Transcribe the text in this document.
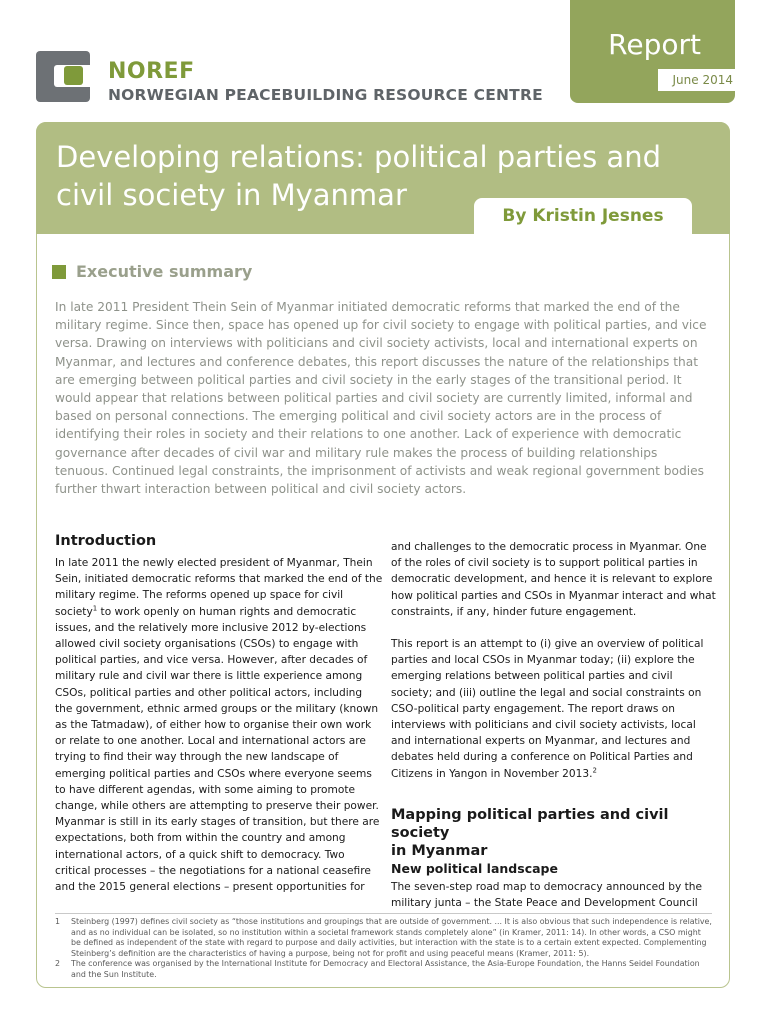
Report
June 2014
NOREF
NORWEGIAN PEACEBUILDING RESOURCE CENTRE
Developing relations: political parties and
civil society in Myanmar
By Kristin Jesnes
Executive summary

In late 2011 President Thein Sein of Myanmar initiated democratic reforms that marked the end of the

military regime. Since then, space has opened up for civil society to engage with political parties, and vice

versa. Drawing on interviews with politicians and civil society activists, local and international experts on

Myanmar, and lectures and conference debates, this report discusses the nature of the relationships that

are emerging between political parties and civil society in the early stages of the transitional period. It

would appear that relations between political parties and civil society are currently limited, informal and

based on personal connections. The emerging political and civil society actors are in the process of

identifying their roles in society and their relations to one another. Lack of experience with democratic

governance after decades of civil war and military rule makes the process of building relationships

tenuous. Continued legal constraints, the imprisonment of activists and weak regional government bodies

further thwart interaction between political and civil society actors.

Introduction

In late 2011 the newly elected president of Myanmar, Thein

Sein, initiated democratic reforms that marked the end of the

military regime. The reforms opened up space for civil

society$^1$ to work openly on human rights and democratic

issues, and the relatively more inclusive 2012 by-elections

allowed civil society organisations (CSOs) to engage with

political parties, and vice versa. However, after decades of

military rule and civil war there is little experience among

CSOs, political parties and other political actors, including

the government, ethnic armed groups or the military (known

as the Tatmadaw), of either how to organise their own work

or relate to one another. Local and international actors are

trying to find their way through the new landscape of

emerging political parties and CSOs where everyone seems

to have different agendas, with some aiming to promote

change, while others are attempting to preserve their power.

Myanmar is still in its early stages of transition, but there are

expectations, both from within the country and among

international actors, of a quick shift to democracy. Two

critical processes – the negotiations for a national ceasefire

and the 2015 general elections – present opportunities for

and challenges to the democratic process in Myanmar. One

of the roles of civil society is to support political parties in

democratic development, and hence it is relevant to explore

how political parties and CSOs in Myanmar interact and what

constraints, if any, hinder future engagement.

This report is an attempt to (i) give an overview of political

parties and local CSOs in Myanmar today; (ii) explore the

emerging relations between political parties and civil

society; and (iii) outline the legal and social constraints on

CSO-political party engagement. The report draws on

interviews with politicians and civil society activists, local

and international experts on Myanmar, and lectures and

debates held during a conference on Political Parties and

Citizens in Yangon in November 2013.$^2$

Mapping political parties and civil society
in Myanmar
New political landscape

The seven-step road map to democracy announced by the

military junta – the State Peace and Development Council

1 Steinberg (1997) defines civil society as “those institutions and groupings that are outside of government. ... It is also obvious that such independence is relative,

and as no individual can be isolated, so no institution within a societal framework stands completely alone” (in Kramer, 2011: 14). In other words, a CSO might

be defined as independent of the state with regard to purpose and daily activities, but interaction with the state is to a certain extent expected. Complementing

Steinberg’s definition are the characteristics of having a purpose, being not for profit and using peaceful means (Kramer, 2011: 5).

2 The conference was organised by the International Institute for Democracy and Electoral Assistance, the Asia-Europe Foundation, the Hanns Seidel Foundation

and the Sun Institute.
